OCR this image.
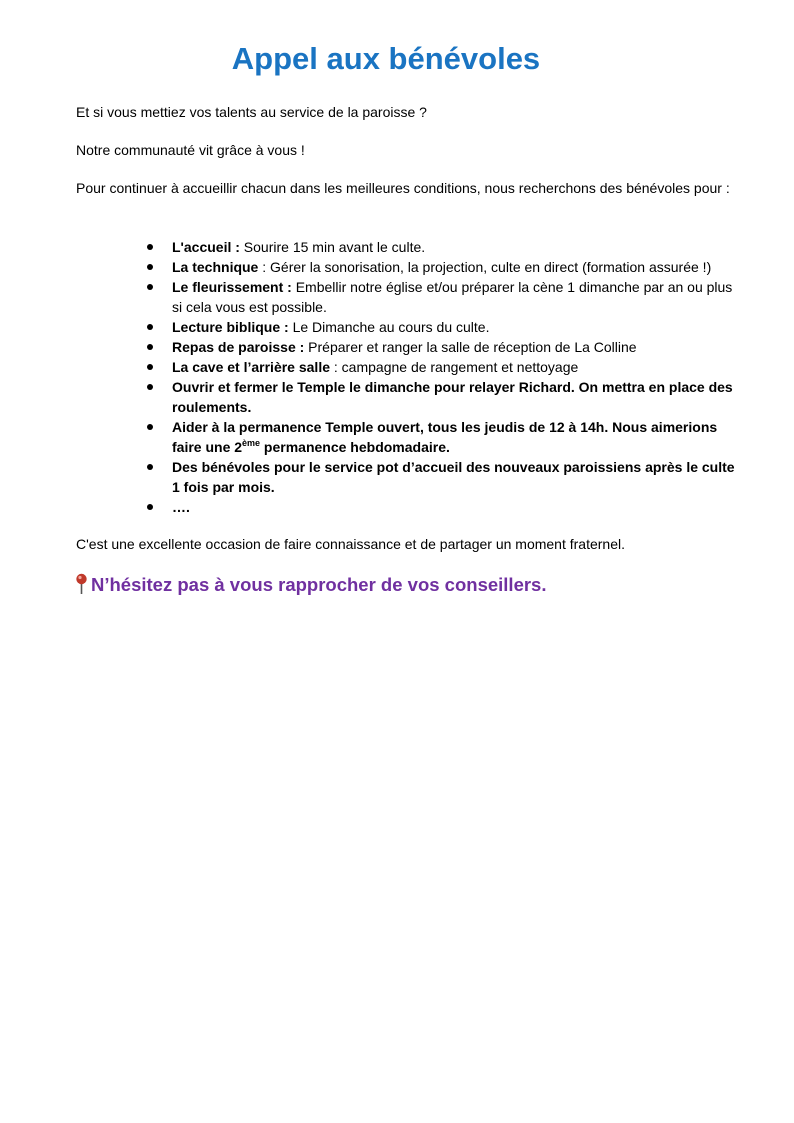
Appel aux bénévoles

Et si vous mettiez vos talents au service de la paroisse ?

Notre communauté vit grâce à vous !

Pour continuer à accueillir chacun dans les meilleures conditions, nous recherchons des bénévoles pour :

L'accueil : Sourire 15 min avant le culte.
La technique : Gérer la sonorisation, la projection, culte en direct (formation assurée !)
Le fleurissement : Embellir notre église et/ou préparer la cène 1 dimanche par an ou plus si cela vous est possible.
Lecture biblique : Le Dimanche au cours du culte.
Repas de paroisse : Préparer et ranger la salle de réception de La Colline
La cave et l’arrière salle : campagne de rangement et nettoyage
Ouvrir et fermer le Temple le dimanche pour relayer Richard. On mettra en place des roulements.
Aider à la permanence Temple ouvert, tous les jeudis de 12 à 14h. Nous aimerions faire une 2ème permanence hebdomadaire.
Des bénévoles pour le service pot d’accueil des nouveaux paroissiens après le culte 1 fois par mois.
….

C'est une excellente occasion de faire connaissance et de partager un moment fraternel.

N’hésitez pas à vous rapprocher de vos conseillers.
